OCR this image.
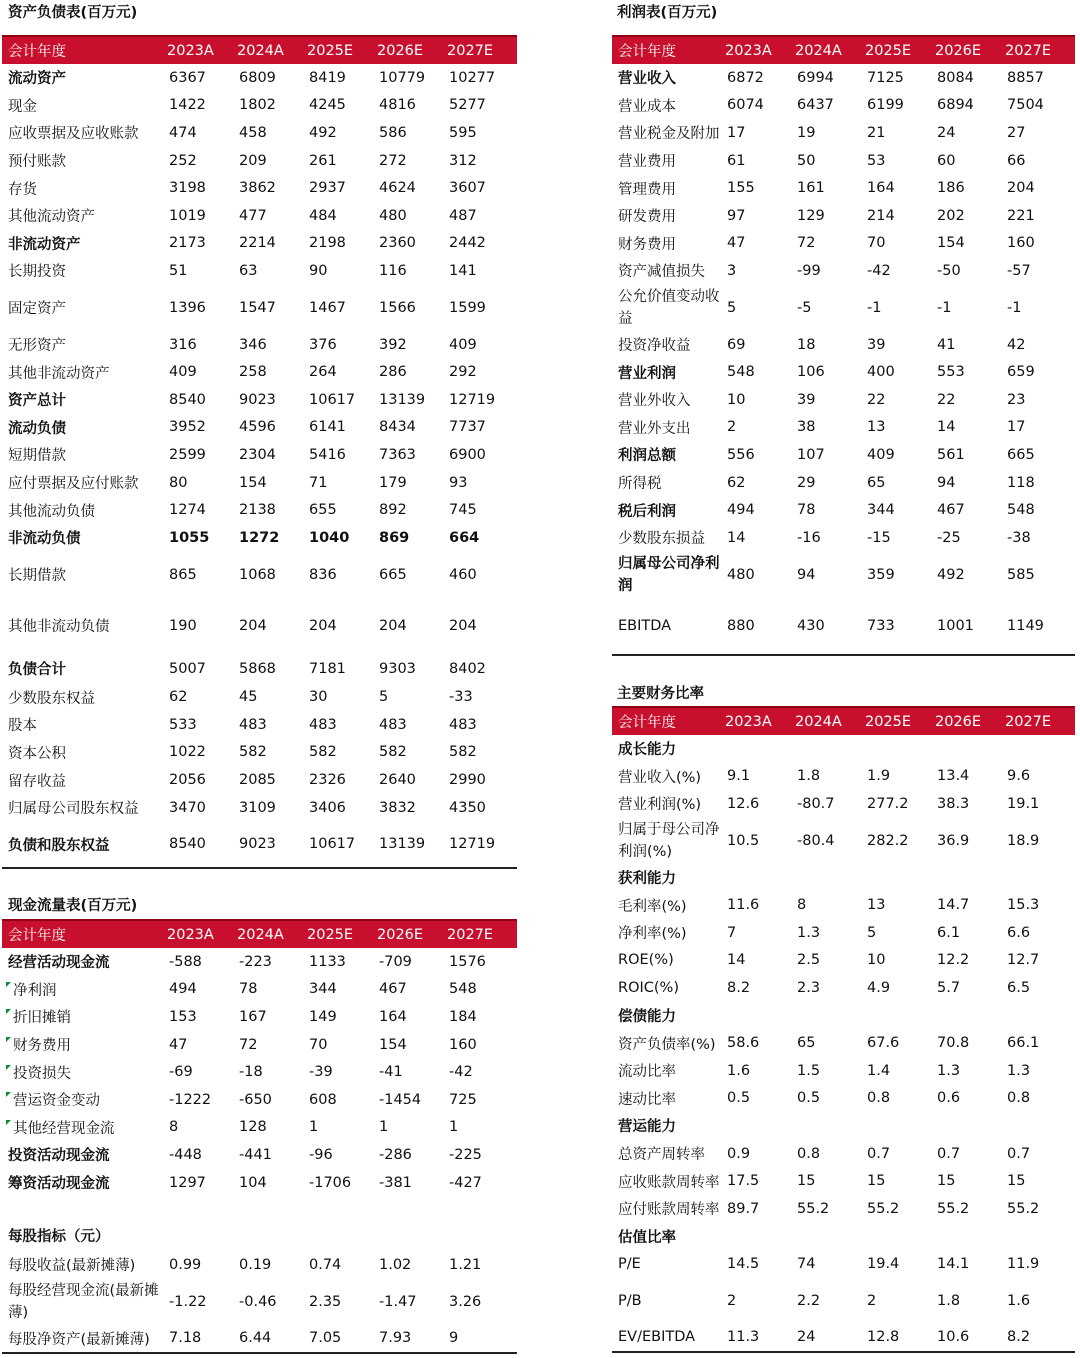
资产负债表(百万元)
会计年度	2023A	2024A	2025E	2026E	2027E
流动资产	6367	6809	8419	10779	10277
现金	1422	1802	4245	4816	5277
应收票据及应收账款	474	458	492	586	595
预付账款	252	209	261	272	312
存货	3198	3862	2937	4624	3607
其他流动资产	1019	477	484	480	487
非流动资产	2173	2214	2198	2360	2442
长期投资	51	63	90	116	141
固定资产	1396	1547	1467	1566	1599
无形资产	316	346	376	392	409
其他非流动资产	409	258	264	286	292
资产总计	8540	9023	10617	13139	12719
流动负债	3952	4596	6141	8434	7737
短期借款	2599	2304	5416	7363	6900
应付票据及应付账款	80	154	71	179	93
其他流动负债	1274	2138	655	892	745
非流动负债	1055	1272	1040	869	664
长期借款	865	1068	836	665	460
其他非流动负债	190	204	204	204	204
负债合计	5007	5868	7181	9303	8402
少数股东权益	62	45	30	5	-33
股本	533	483	483	483	483
资本公积	1022	582	582	582	582
留存收益	2056	2085	2326	2640	2990
归属母公司股东权益	3470	3109	3406	3832	4350
负债和股东权益	8540	9023	10617	13139	12719
现金流量表(百万元)
会计年度	2023A	2024A	2025E	2026E	2027E
经营活动现金流	-588	-223	1133	-709	1576
净利润	494	78	344	467	548
折旧摊销	153	167	149	164	184
财务费用	47	72	70	154	160
投资损失	-69	-18	-39	-41	-42
营运资金变动	-1222	-650	608	-1454	725
其他经营现金流	8	128	1	1	1
投资活动现金流	-448	-441	-96	-286	-225
筹资活动现金流	1297	104	-1706	-381	-427
每股指标（元）
每股收益(最新摊薄)	0.99	0.19	0.74	1.02	1.21
每股经营现金流(最新摊薄)	-1.22	-0.46	2.35	-1.47	3.26
每股净资产(最新摊薄)	7.18	6.44	7.05	7.93	9
利润表(百万元)
会计年度	2023A	2024A	2025E	2026E	2027E
营业收入	6872	6994	7125	8084	8857
营业成本	6074	6437	6199	6894	7504
营业税金及附加	17	19	21	24	27
营业费用	61	50	53	60	66
管理费用	155	161	164	186	204
研发费用	97	129	214	202	221
财务费用	47	72	70	154	160
资产减值损失	3	-99	-42	-50	-57
公允价值变动收益	5	-5	-1	-1	-1
投资净收益	69	18	39	41	42
营业利润	548	106	400	553	659
营业外收入	10	39	22	22	23
营业外支出	2	38	13	14	17
利润总额	556	107	409	561	665
所得税	62	29	65	94	118
税后利润	494	78	344	467	548
少数股东损益	14	-16	-15	-25	-38
归属母公司净利润	480	94	359	492	585
EBITDA	880	430	733	1001	1149
主要财务比率
会计年度	2023A	2024A	2025E	2026E	2027E
成长能力					
营业收入(%)	9.1	1.8	1.9	13.4	9.6
营业利润(%)	12.6	-80.7	277.2	38.3	19.1
归属于母公司净利润(%)	10.5	-80.4	282.2	36.9	18.9
获利能力					
毛利率(%)	11.6	8	13	14.7	15.3
净利率(%)	7	1.3	5	6.1	6.6
ROE(%)	14	2.5	10	12.2	12.7
ROIC(%)	8.2	2.3	4.9	5.7	6.5
偿债能力					
资产负债率(%)	58.6	65	67.6	70.8	66.1
流动比率	1.6	1.5	1.4	1.3	1.3
速动比率	0.5	0.5	0.8	0.6	0.8
营运能力					
总资产周转率	0.9	0.8	0.7	0.7	0.7
应收账款周转率	17.5	15	15	15	15
应付账款周转率	89.7	55.2	55.2	55.2	55.2
估值比率					
P/E	14.5	74	19.4	14.1	11.9
P/B	2	2.2	2	1.8	1.6
EV/EBITDA	11.3	24	12.8	10.6	8.2
